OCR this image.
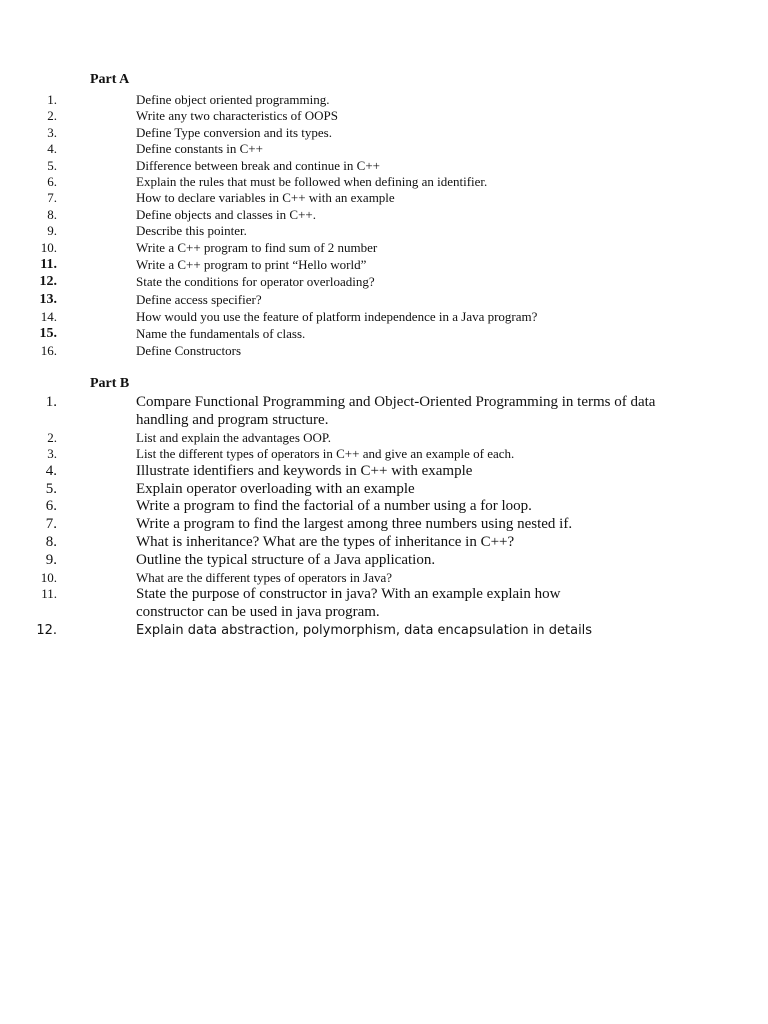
Part A
1.	Define object oriented programming.
2.	Write any two characteristics of OOPS
3.	Define Type conversion and its types.
4.	Define constants in C++
5.	Difference between break and continue in C++
6.	Explain the rules that must be followed when defining an identifier.
7.	How to declare variables in C++ with an example
8.	Define objects and classes in C++.
9.	Describe this pointer.
10.	Write a C++ program to find sum of 2 number
11.	Write a C++ program to print “Hello world”
12.	State the conditions for operator overloading?
13.	Define access specifier?
14.	How would you use the feature of platform independence in a Java program?
15.	Name the fundamentals of class.
16.	Define Constructors
Part B
1.	Compare Functional Programming and Object-Oriented Programming in terms of data
handling and program structure.
2.	List and explain the advantages OOP.
3.	List the different types of operators in C++ and give an example of each.
4.	Illustrate identifiers and keywords in C++ with example
5.	Explain operator overloading with an example
6.	Write a program to find the factorial of a number using a for loop.
7.	Write a program to find the largest among three numbers using nested if.
8.	What is inheritance? What are the types of inheritance in C++?
9.	Outline the typical structure of a Java application.
10.	What are the different types of operators in Java?
11.	State the purpose of constructor in java? With an example explain how
constructor can be used in java program.
12.	Explain data abstraction, polymorphism, data encapsulation in details
